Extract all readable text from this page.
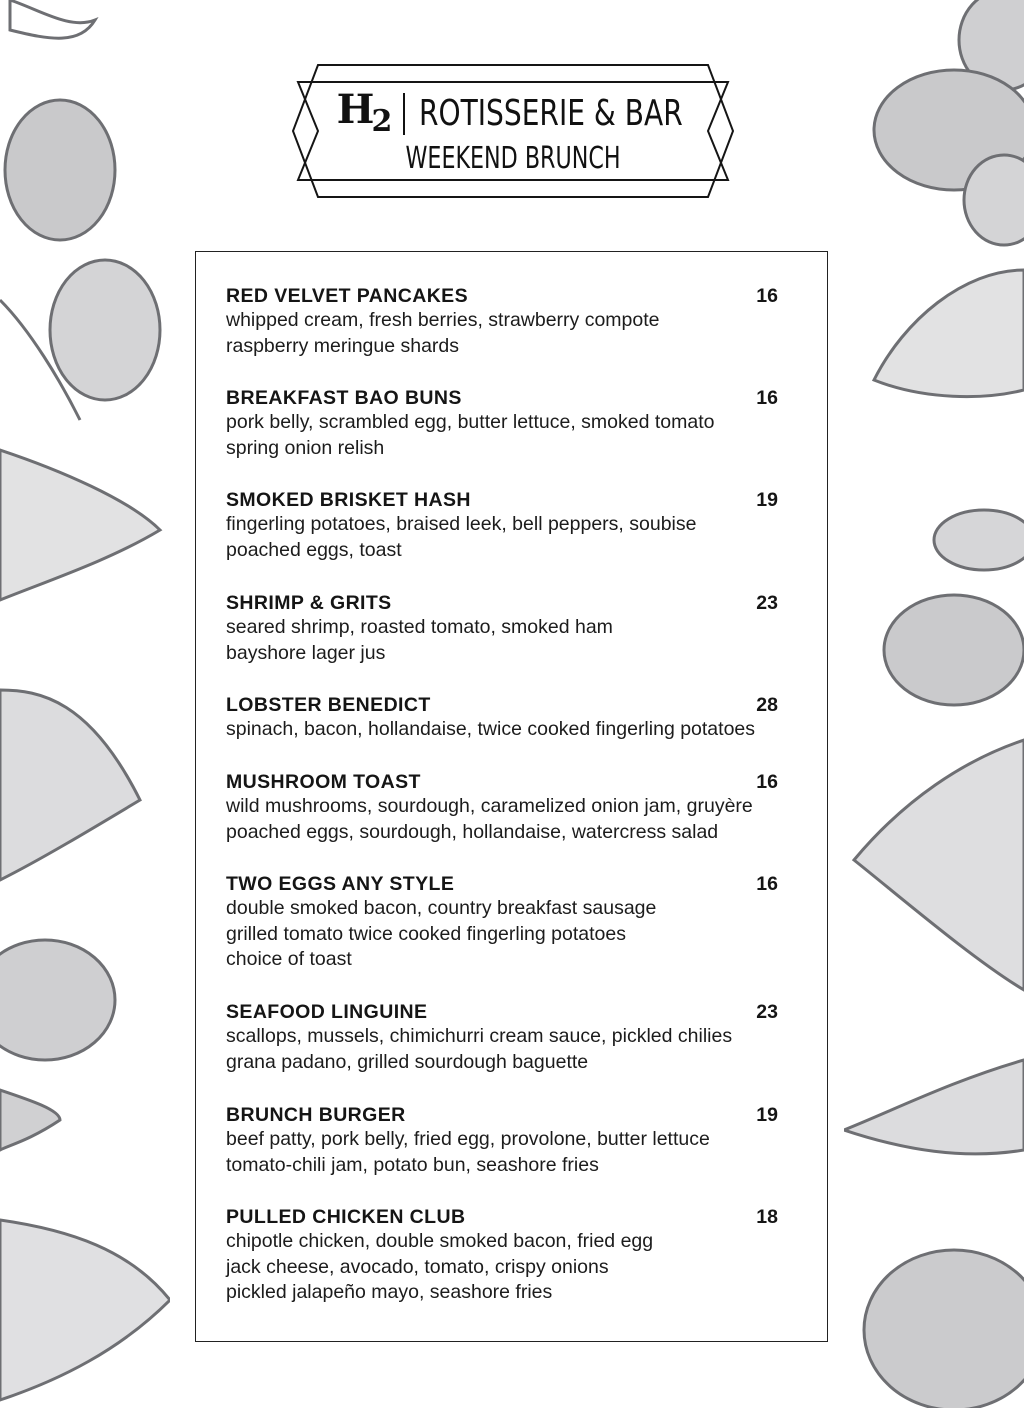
$H_2$ ROTISSERIE & BAR
WEEKEND BRUNCH
RED VELVET PANCAKES	16
whipped cream, fresh berries, strawberry compote
raspberry meringue shards
BREAKFAST BAO BUNS	16
pork belly, scrambled egg, butter lettuce, smoked tomato
spring onion relish
SMOKED BRISKET HASH	19
fingerling potatoes, braised leek, bell peppers, soubise
poached eggs, toast
SHRIMP & GRITS	23
seared shrimp, roasted tomato, smoked ham
bayshore lager jus
LOBSTER BENEDICT	28
spinach, bacon, hollandaise, twice cooked fingerling potatoes
MUSHROOM TOAST	16
wild mushrooms, sourdough, caramelized onion jam, gruyère
poached eggs, sourdough, hollandaise, watercress salad
TWO EGGS ANY STYLE	16
double smoked bacon, country breakfast sausage
grilled tomato twice cooked fingerling potatoes
choice of toast
SEAFOOD LINGUINE	23
scallops, mussels, chimichurri cream sauce, pickled chilies
grana padano, grilled sourdough baguette
BRUNCH BURGER	19
beef patty, pork belly, fried egg, provolone, butter lettuce
tomato-chili jam, potato bun, seashore fries
PULLED CHICKEN CLUB	18
chipotle chicken, double smoked bacon, fried egg
jack cheese, avocado, tomato, crispy onions
pickled jalapeño mayo, seashore fries
